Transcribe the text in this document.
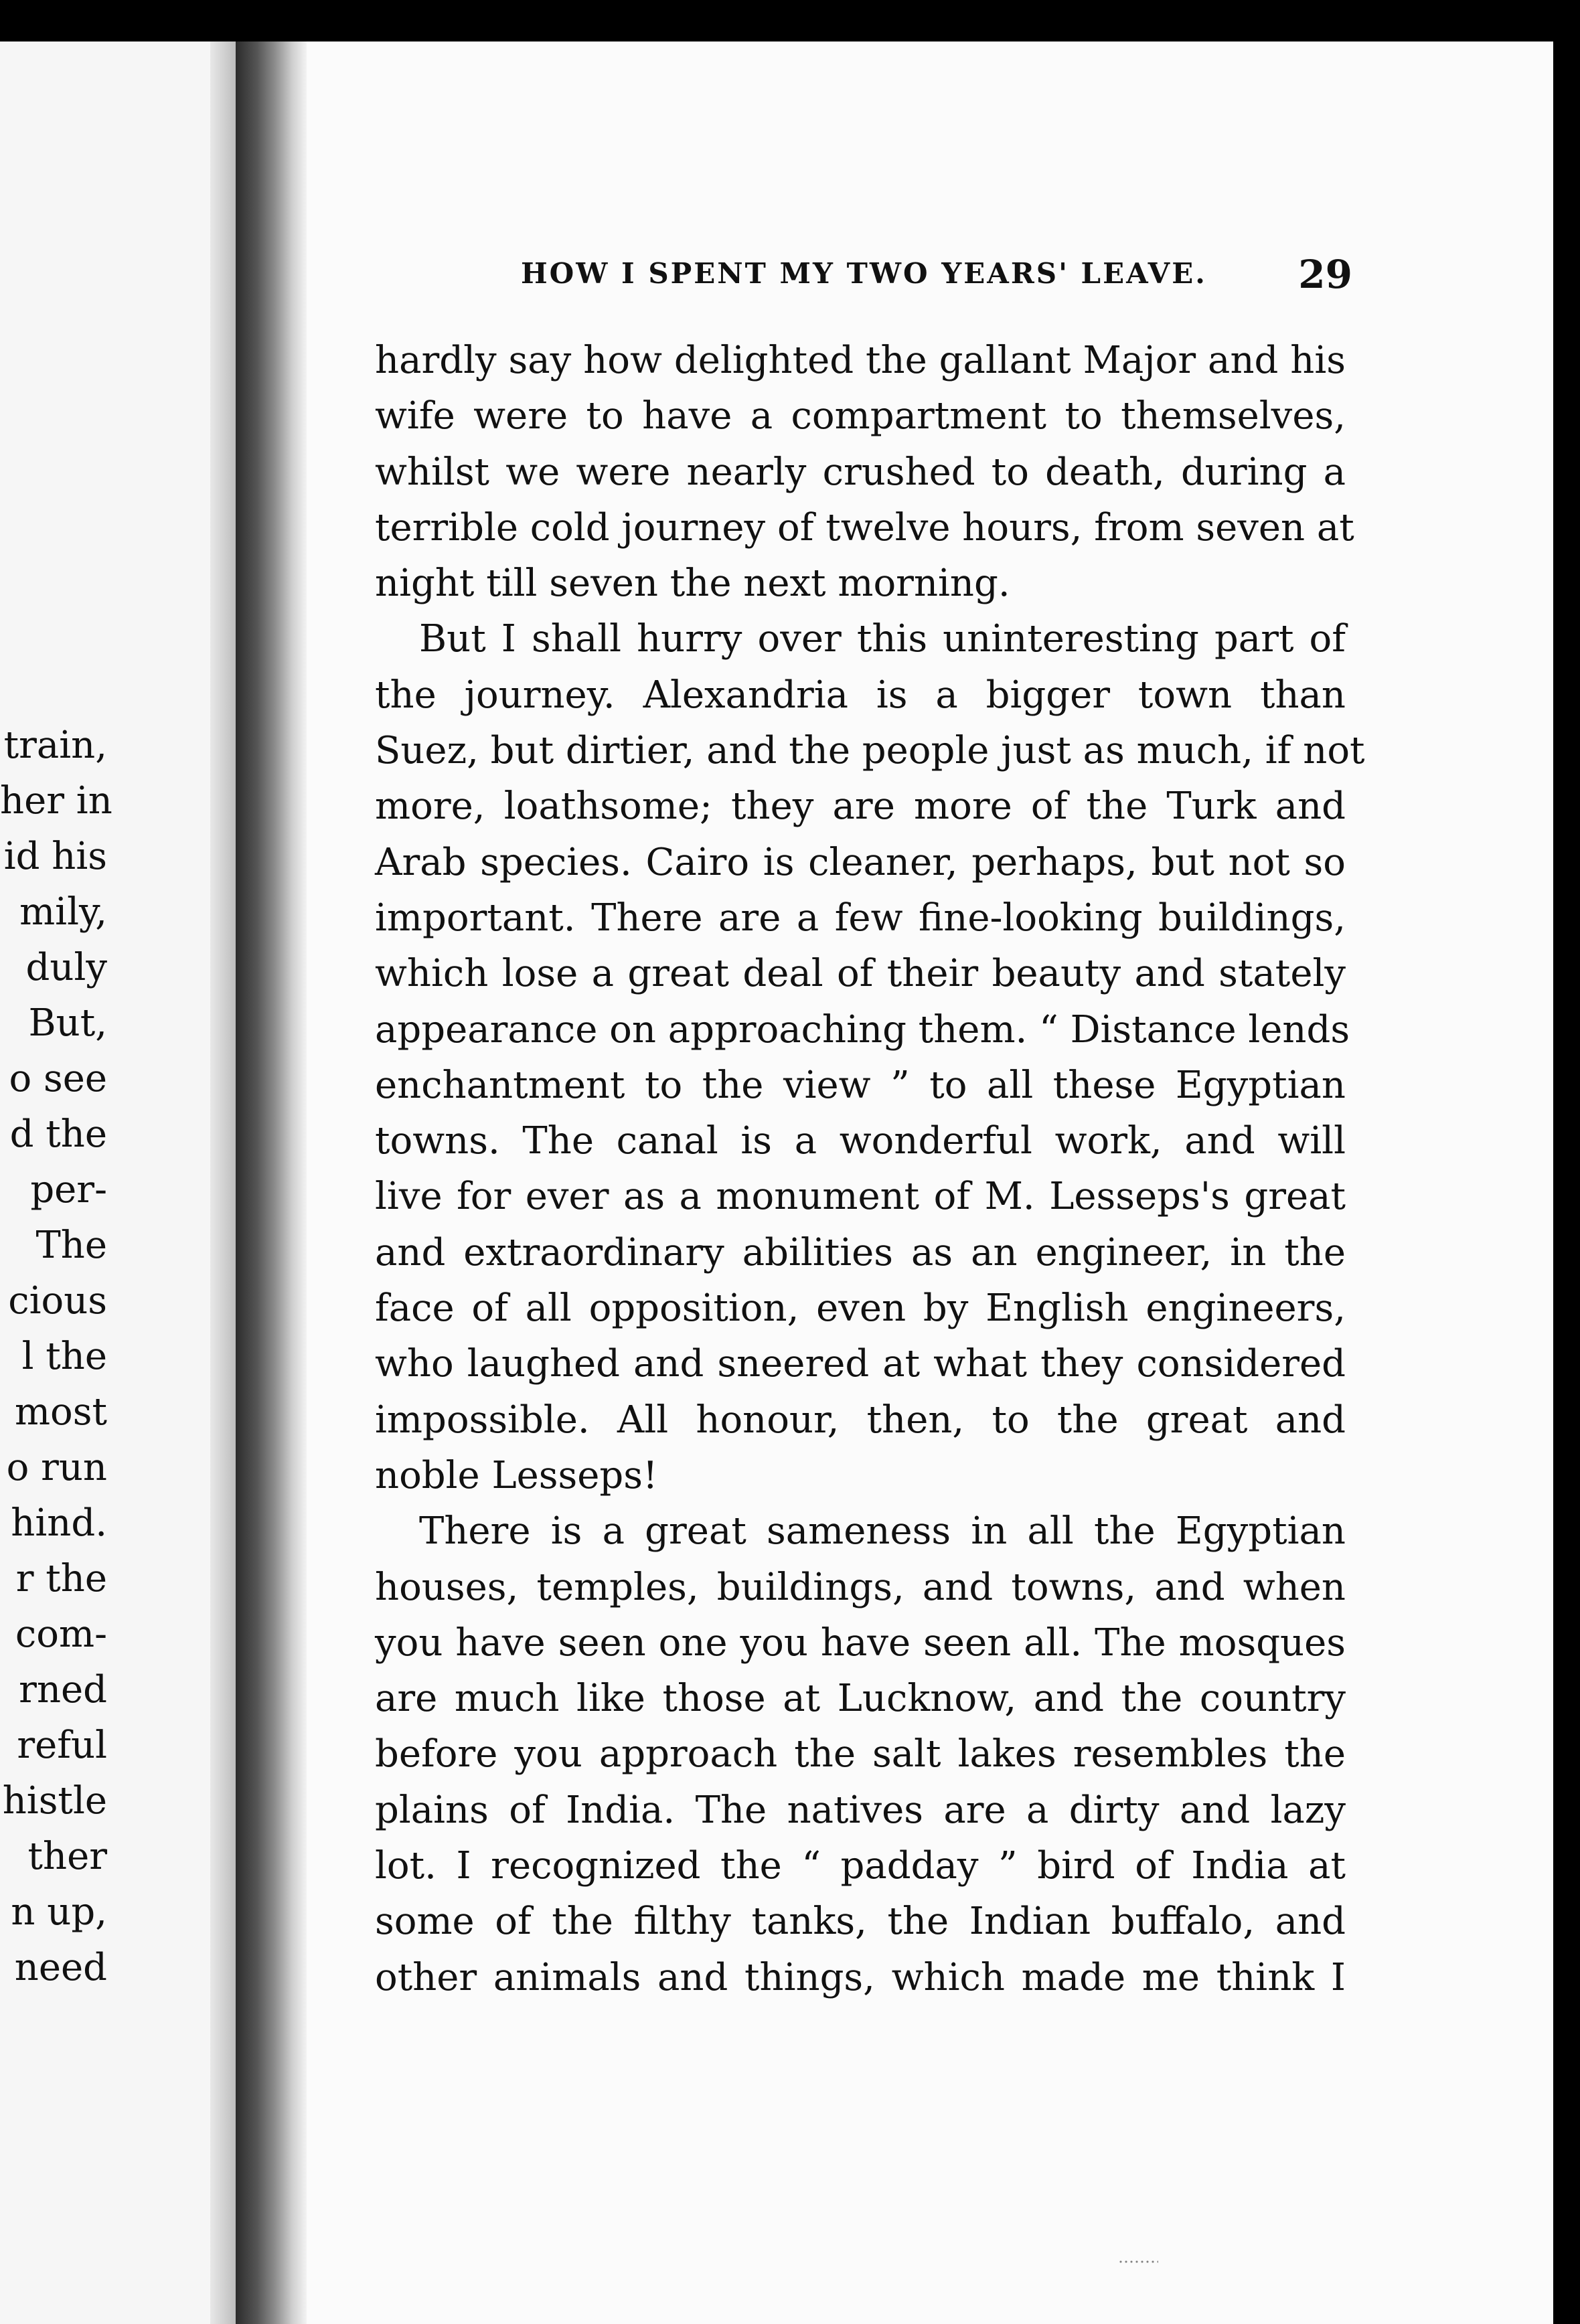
train,
her in
id his
mily,
duly
But,
o see
d the
per-
The
cious
l the
most
o run
hind.
r the
com-
rned
reful
histle
ther
n up,
need
HOW I SPENT MY TWO YEARS' LEAVE. 29
hardly say how delighted the gallant Major and his
wife were to have a compartment to themselves,
whilst we were nearly crushed to death, during a
terrible cold journey of twelve hours, from seven at
night till seven the next morning.
But I shall hurry over this uninteresting part of
the journey. Alexandria is a bigger town than
Suez, but dirtier, and the people just as much, if not
more, loathsome; they are more of the Turk and
Arab species. Cairo is cleaner, perhaps, but not so
important. There are a few fine-looking buildings,
which lose a great deal of their beauty and stately
appearance on approaching them. “ Distance lends
enchantment to the view ” to all these Egyptian
towns. The canal is a wonderful work, and will
live for ever as a monument of M. Lesseps's great
and extraordinary abilities as an engineer, in the
face of all opposition, even by English engineers,
who laughed and sneered at what they considered
impossible. All honour, then, to the great and
noble Lesseps!
There is a great sameness in all the Egyptian
houses, temples, buildings, and towns, and when
you have seen one you have seen all. The mosques
are much like those at Lucknow, and the country
before you approach the salt lakes resembles the
plains of India. The natives are a dirty and lazy
lot. I recognized the “ padday ” bird of India at
some of the filthy tanks, the Indian buffalo, and
other animals and things, which made me think I
